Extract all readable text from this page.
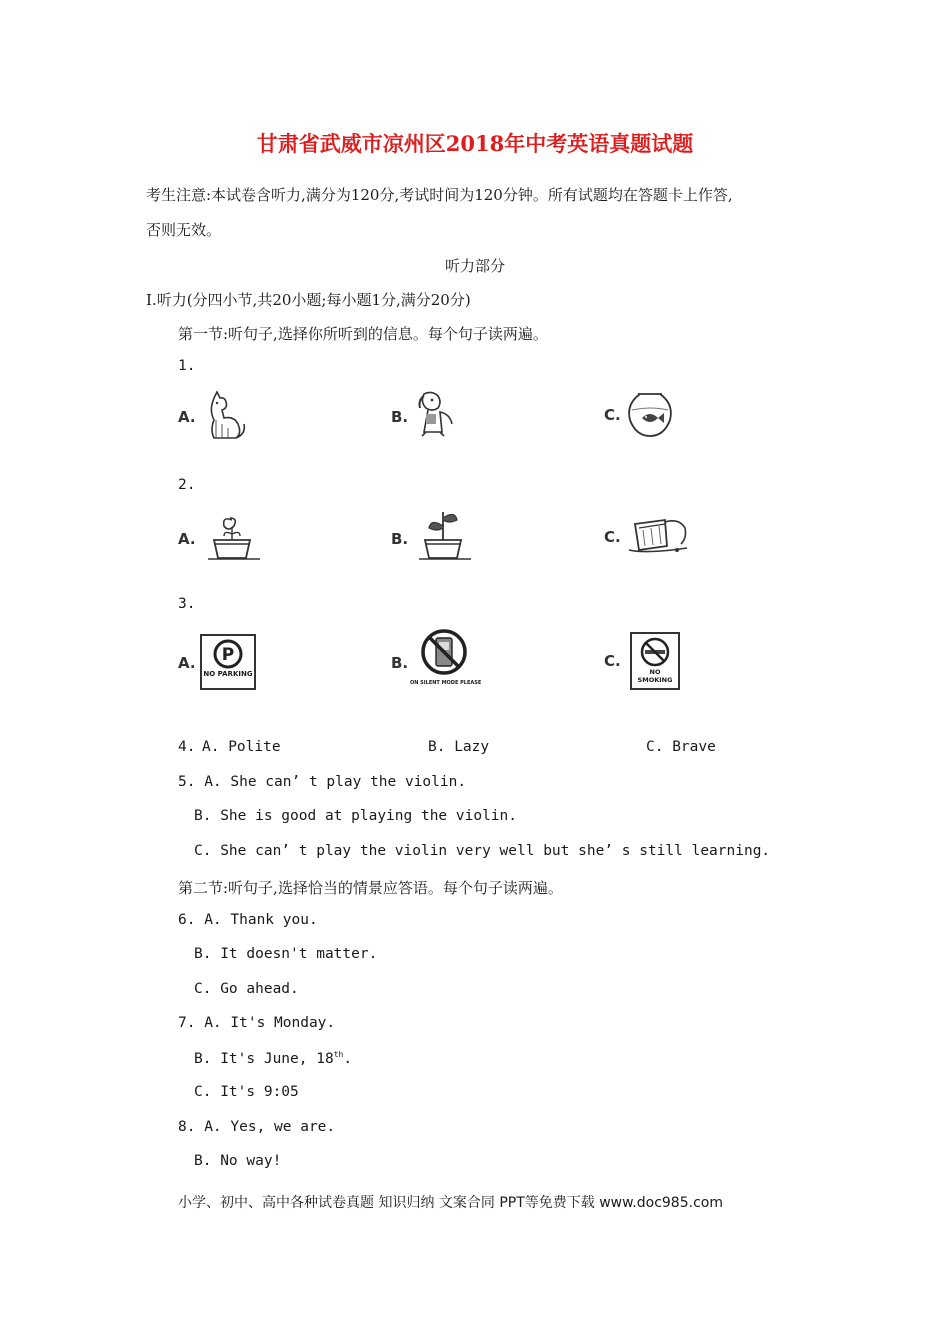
甘肃省武威市凉州区2018年中考英语真题试题
考生注意:本试卷含听力,满分为120分,考试时间为120分钟。所有试题均在答题卡上作答,
否则无效。
听力部分
I.听力(分四小节,共20小题;每小题1分,满分20分)
第一节:听句子,选择你所听到的信息。每个句子读两遍。
1.
A.	B.	C.
2.
A.	B.	C.
3.
A. P
NO PARKING
B.
ON SILENT MODE PLEASE
C.
NO SMOKING
4. A. Polite	B. Lazy	C. Brave
5. A. She can’ t play the violin.
B. She is good at playing the violin.
C. She can’ t play the violin very well but she’ s still learning.
第二节:听句子,选择恰当的情景应答语。每个句子读两遍。
6. A. Thank you.
B. It doesn't matter.
C. Go ahead.
7. A. It's Monday.
B. It's June, 18th.
C. It's 9:05
8. A. Yes, we are.
B. No way!
小学、初中、高中各种试卷真题 知识归纳 文案合同 PPT等免费下载 www.doc985.com
